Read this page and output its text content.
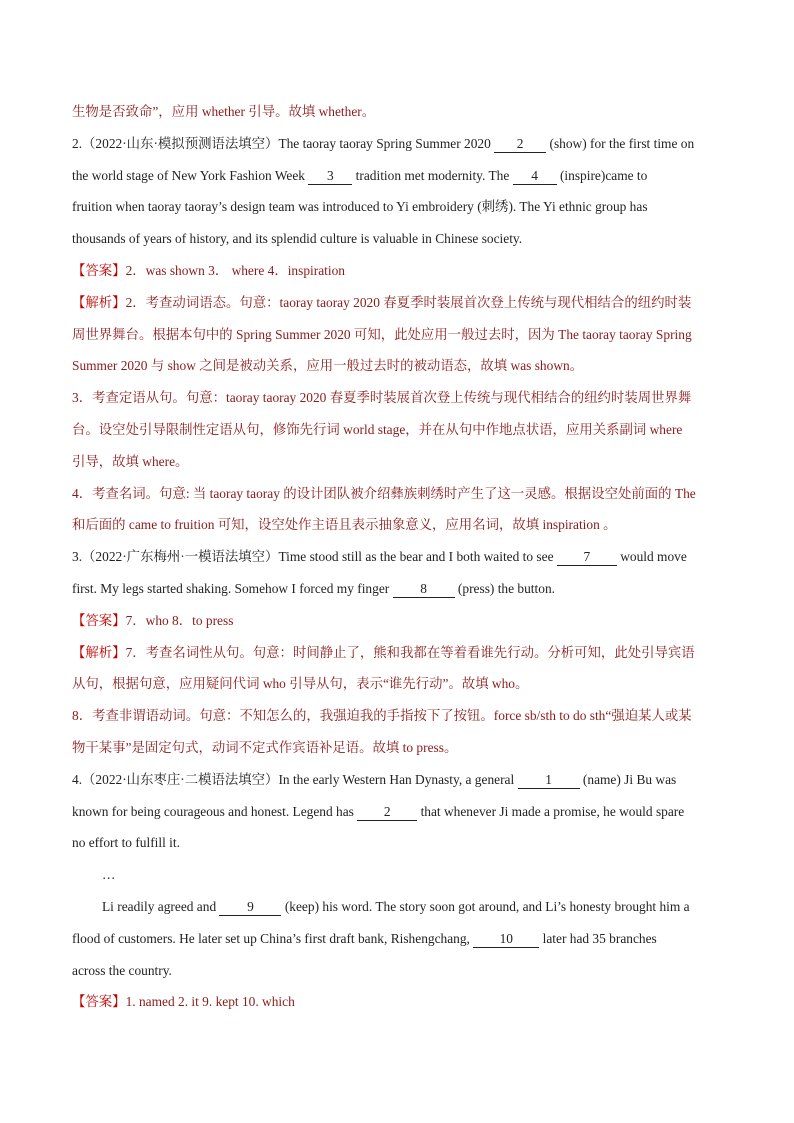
生物是否致命”，应用 whether 引导。故填 whether。
2.（2022·山东·模拟预测语法填空）The taoray taoray Spring Summer 2020 2 (show) for the first time on
the world stage of New York Fashion Week 3 tradition met modernity. The 4 (inspire)came to
fruition when taoray taoray’s design team was introduced to Yi embroidery (刺绣). The Yi ethnic group has
thousands of years of history, and its splendid culture is valuable in Chinese society.
【答案】2．was shown 3． where 4．inspiration
【解析】2．考查动词语态。句意：taoray taoray 2020 春夏季时装展首次登上传统与现代相结合的纽约时装
周世界舞台。根据本句中的 Spring Summer 2020 可知，此处应用一般过去时，因为 The taoray taoray Spring
Summer 2020 与 show 之间是被动关系，应用一般过去时的被动语态，故填 was shown。
3．考查定语从句。句意：taoray taoray 2020 春夏季时装展首次登上传统与现代相结合的纽约时装周世界舞
台。设空处引导限制性定语从句，修饰先行词 world stage，并在从句中作地点状语，应用关系副词 where
引导，故填 where。
4．考查名词。句意: 当 taoray taoray 的设计团队被介绍彝族刺绣时产生了这一灵感。根据设空处前面的 The
和后面的 came to fruition 可知，设空处作主语且表示抽象意义，应用名词，故填 inspiration 。
3.（2022·广东梅州·一模语法填空）Time stood still as the bear and I both waited to see 7 would move
first. My legs started shaking. Somehow I forced my finger 8 (press) the button.
【答案】7．who 8．to press
【解析】7．考查名词性从句。句意：时间静止了，熊和我都在等着看谁先行动。分析可知，此处引导宾语
从句，根据句意，应用疑问代词 who 引导从句，表示“谁先行动”。故填 who。
8．考查非谓语动词。句意：不知怎么的，我强迫我的手指按下了按钮。force sb/sth to do sth“强迫某人或某
物干某事”是固定句式，动词不定式作宾语补足语。故填 to press。
4.（2022·山东枣庄·二模语法填空）In the early Western Han Dynasty, a general 1 (name) Ji Bu was
known for being courageous and honest. Legend has 2 that whenever Ji made a promise, he would spare
no effort to fulfill it.
…
Li readily agreed and 9 (keep) his word. The story soon got around, and Li’s honesty brought him a
flood of customers. He later set up China’s first draft bank, Rishengchang, 10 later had 35 branches
across the country.
【答案】1. named 2. it 9. kept 10. which
